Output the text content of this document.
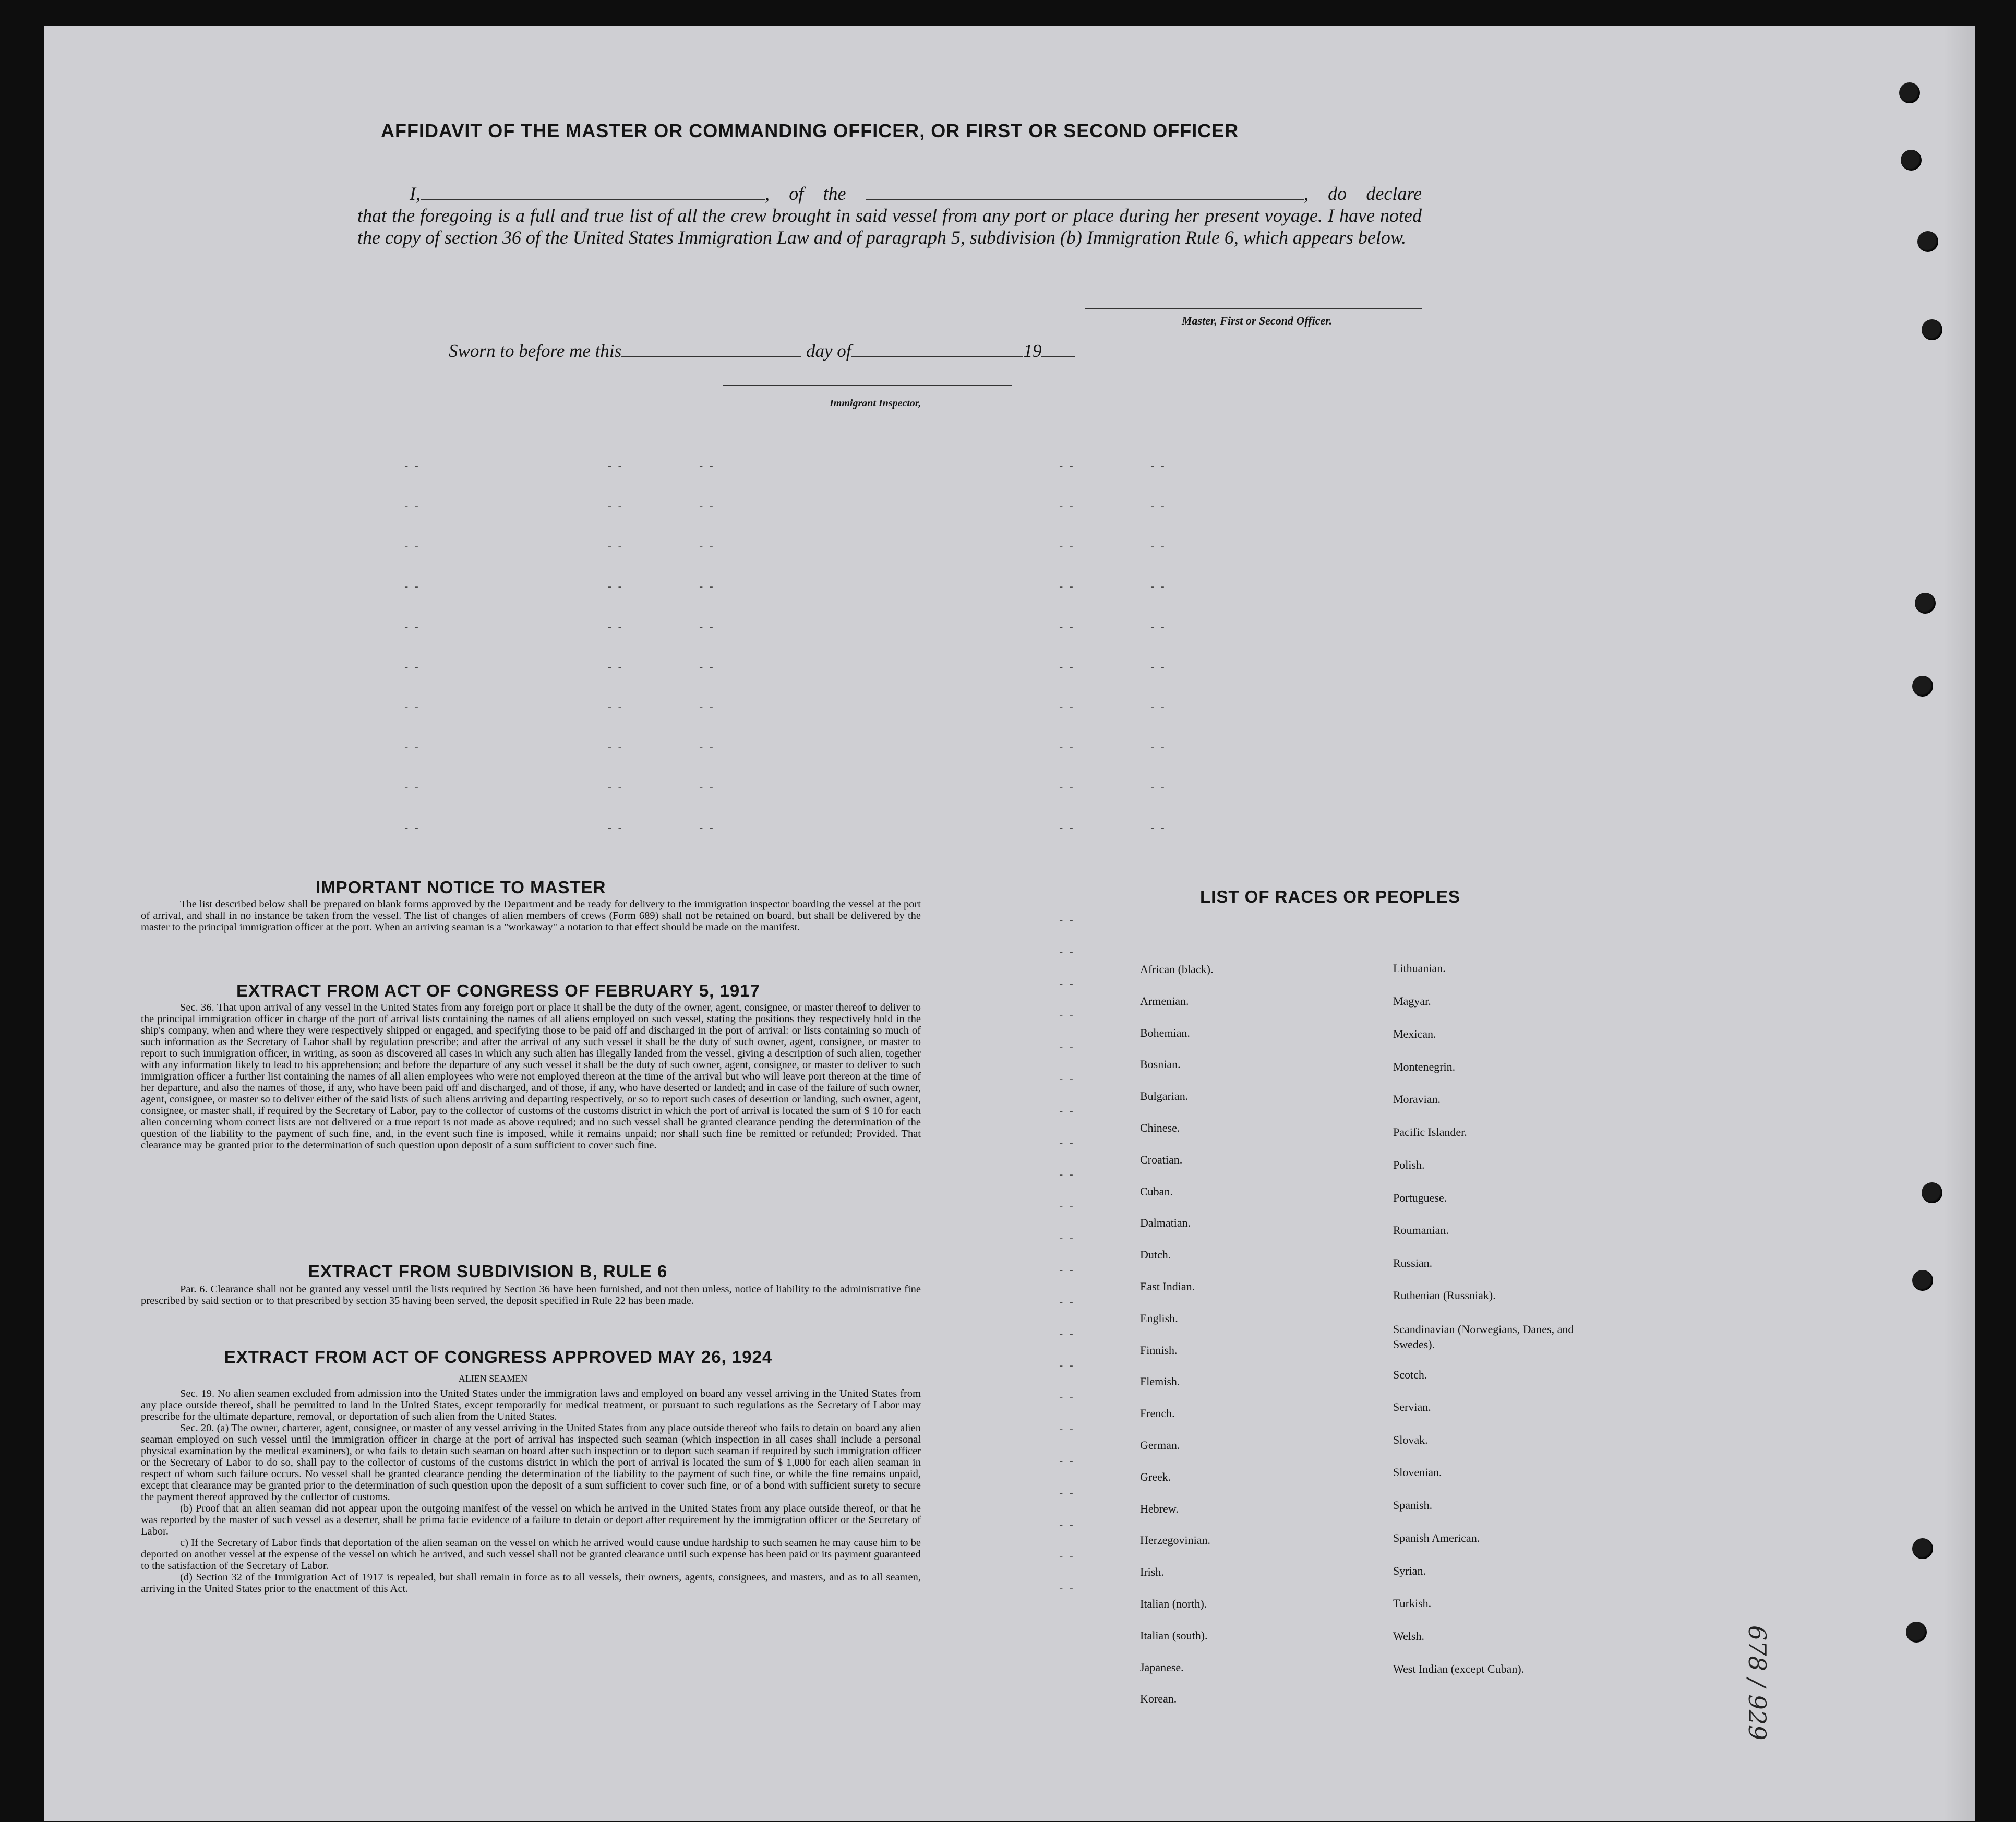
AFFIDAVIT OF THE MASTER OR COMMANDING OFFICER, OR FIRST OR SECOND OFFICER
I,	, of the	, do declare
that the foregoing is a full and true list of all the crew brought in said vessel from any port or place during her present voyage. I have noted the copy of section 36 of the United States Immigration Law and of paragraph 5, subdivision (b) Immigration Rule 6, which appears below.
Master, First or Second Officer.
Sworn to before me this	day of	19
Immigrant Inspector,
- -	- -	- -	- -	- -
- -	- -	- -	- -	- -
- -	- -	- -	- -	- -
- -	- -	- -	- -	- -
- -	- -	- -	- -	- -
- -	- -	- -	- -	- -
- -	- -	- -	- -	- -
- -	- -	- -	- -	- -
- -	- -	- -	- -	- -
- -	- -	- -	- -	- -
- -
- -
- -
- -
- -
- -
- -
- -
- -
- -
- -
- -
- -
- -
- -
- -
- -
- -
- -
- -
- -
- -
IMPORTANT NOTICE TO MASTER
The list described below shall be prepared on blank forms approved by the Department and be ready for delivery to the immigration inspector boarding the vessel at the port of arrival, and shall in no instance be taken from the vessel. The list of changes of alien members of crews (Form 689) shall not be retained on board, but shall be delivered by the master to the principal immigration officer at the port. When an arriving seaman is a "workaway" a notation to that effect should be made on the manifest.
EXTRACT FROM ACT OF CONGRESS OF FEBRUARY 5, 1917
Sec. 36. That upon arrival of any vessel in the United States from any foreign port or place it shall be the duty of the owner, agent, consignee, or master thereof to deliver to the principal immigration officer in charge of the port of arrival lists containing the names of all aliens employed on such vessel, stating the positions they respectively hold in the ship's company, when and where they were respectively shipped or engaged, and specifying those to be paid off and discharged in the port of arrival: or lists containing so much of such information as the Secretary of Labor shall by regulation prescribe; and after the arrival of any such vessel it shall be the duty of such owner, agent, consignee, or master to report to such immigration officer, in writing, as soon as discovered all cases in which any such alien has illegally landed from the vessel, giving a description of such alien, together with any information likely to lead to his apprehension; and before the departure of any such vessel it shall be the duty of such owner, agent, consignee, or master to deliver to such immigration officer a further list containing the names of all alien employees who were not employed thereon at the time of the arrival but who will leave port thereon at the time of her departure, and also the names of those, if any, who have been paid off and discharged, and of those, if any, who have deserted or landed; and in case of the failure of such owner, agent, consignee, or master so to deliver either of the said lists of such aliens arriving and departing respectively, or so to report such cases of desertion or landing, such owner, agent, consignee, or master shall, if required by the Secretary of Labor, pay to the collector of customs of the customs district in which the port of arrival is located the sum of $ 10 for each alien concerning whom correct lists are not delivered or a true report is not made as above required; and no such vessel shall be granted clearance pending the determination of the question of the liability to the payment of such fine, and, in the event such fine is imposed, while it remains unpaid; nor shall such fine be remitted or refunded; Provided. That clearance may be granted prior to the determination of such question upon deposit of a sum sufficient to cover such fine.
EXTRACT FROM SUBDIVISION B, RULE 6
Par. 6. Clearance shall not be granted any vessel until the lists required by Section 36 have been furnished, and not then unless, notice of liability to the administrative fine prescribed by said section or to that prescribed by section 35 having been served, the deposit specified in Rule 22 has been made.
EXTRACT FROM ACT OF CONGRESS APPROVED MAY 26, 1924
ALIEN SEAMEN
Sec. 19. No alien seamen excluded from admission into the United States under the immigration laws and employed on board any vessel arriving in the United States from any place outside thereof, shall be permitted to land in the United States, except temporarily for medical treatment, or pursuant to such regulations as the Secretary of Labor may prescribe for the ultimate departure, removal, or deportation of such alien from the United States.
Sec. 20. (a) The owner, charterer, agent, consignee, or master of any vessel arriving in the United States from any place outside thereof who fails to detain on board any alien seaman employed on such vessel until the immigration officer in charge at the port of arrival has inspected such seaman (which inspection in all cases shall include a personal physical examination by the medical examiners), or who fails to detain such seaman on board after such inspection or to deport such seaman if required by such immigration officer or the Secretary of Labor to do so, shall pay to the collector of customs of the customs district in which the port of arrival is located the sum of $ 1,000 for each alien seaman in respect of whom such failure occurs. No vessel shall be granted clearance pending the determination of the liability to the payment of such fine, or while the fine remains unpaid, except that clearance may be granted prior to the determination of such question upon the deposit of a sum sufficient to cover such fine, or of a bond with sufficient surety to secure the payment thereof approved by the collector of customs.
(b) Proof that an alien seaman did not appear upon the outgoing manifest of the vessel on which he arrived in the United States from any place outside thereof, or that he was reported by the master of such vessel as a deserter, shall be prima facie evidence of a failure to detain or deport after requirement by the immigration officer or the Secretary of Labor.
c) If the Secretary of Labor finds that deportation of the alien seaman on the vessel on which he arrived would cause undue hardship to such seamen he may cause him to be deported on another vessel at the expense of the vessel on which he arrived, and such vessel shall not be granted clearance until such expense has been paid or its payment guaranteed to the satisfaction of the Secretary of Labor.
(d) Section 32 of the Immigration Act of 1917 is repealed, but shall remain in force as to all vessels, their owners, agents, consignees, and masters, and as to all seamen, arriving in the United States prior to the enactment of this Act.
LIST OF RACES OR PEOPLES
678 / 929
African (black).
Armenian.
Bohemian.
Bosnian.
Bulgarian.
Chinese.
Croatian.
Cuban.
Dalmatian.
Dutch.
East Indian.
English.
Finnish.
Flemish.
French.
German.
Greek.
Hebrew.
Herzegovinian.
Irish.
Italian (north).
Italian (south).
Japanese.
Korean.
Lithuanian.
Magyar.
Mexican.
Montenegrin.
Moravian.
Pacific Islander.
Polish.
Portuguese.
Roumanian.
Russian.
Ruthenian (Russniak).
Scandinavian (Norwegians, Danes, and Swedes).
Scotch.
Servian.
Slovak.
Slovenian.
Spanish.
Spanish American.
Syrian.
Turkish.
Welsh.
West Indian (except Cuban).
